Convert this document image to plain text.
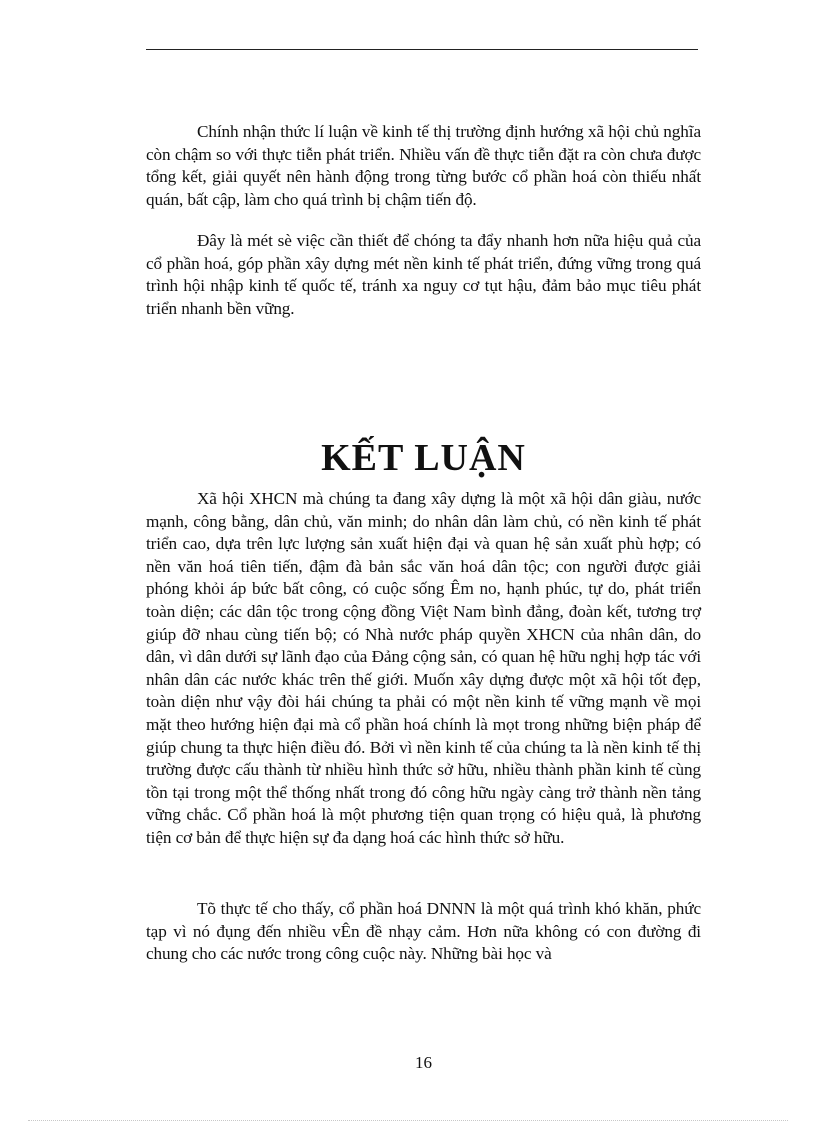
Chính nhận thức lí luận về kinh tế thị trường định hướng xã hội chủ nghĩa còn chậm so với thực tiễn phát triển. Nhiều vấn đề thực tiễn đặt ra còn chưa được tổng kết, giải quyết nên hành động trong từng bước cổ phần hoá còn thiếu nhất quán, bất cập, làm cho quá trình bị chậm tiến độ.

Đây là mét sè việc cần thiết để chóng ta đẩy nhanh hơn nữa hiệu quả của cổ phần hoá, góp phần xây dựng mét nền kinh tế phát triển, đứng vững trong quá trình hội nhập kinh tế quốc tế, tránh xa nguy cơ tụt hậu, đảm bảo mục tiêu phát triển nhanh bền vững.

KẾT LUẬN

Xã hội XHCN mà chúng ta đang xây dựng là một xã hội dân giàu, nước mạnh, công bằng, dân chủ, văn minh; do nhân dân làm chủ, có nền kinh tế phát triển cao, dựa trên lực lượng sản xuất hiện đại và quan hệ sản xuất phù hợp; có nền văn hoá tiên tiến, đậm đà bản sắc văn hoá dân tộc; con người được giải phóng khỏi áp bức bất công, có cuộc sống Êm no, hạnh phúc, tự do, phát triển toàn diện; các dân tộc trong cộng đồng Việt Nam bình đẳng, đoàn kết, tương trợ giúp đỡ nhau cùng tiến bộ; có Nhà nước pháp quyền XHCN của nhân dân, do dân, vì dân dưới sự lãnh đạo của Đảng cộng sản, có quan hệ hữu nghị hợp tác với nhân dân các nước khác trên thế giới. Muốn xây dựng được một xã hội tốt đẹp, toàn diện như vậy đòi hái chúng ta phải có một nền kinh tế vững mạnh về mọi mặt theo hướng hiện đại mà cổ phần hoá chính là mọt trong những biện pháp để giúp chung ta thực hiện điều đó. Bởi vì nền kinh tế của chúng ta là nền kinh tế thị trường được cấu thành từ nhiều hình thức sở hữu, nhiều thành phần kinh tế cùng tồn tại trong một thể thống nhất trong đó công hữu ngày càng trở thành nền tảng vững chắc. Cổ phần hoá là một phương tiện quan trọng có hiệu quả, là phương tiện cơ bản để thực hiện sự đa dạng hoá các hình thức sở hữu.

Tõ thực tế cho thấy, cổ phần hoá DNNN là một quá trình khó khăn, phức tạp vì nó đụng đến nhiều vÊn đề nhạy cảm. Hơn nữa không có con đường đi chung cho các nước trong công cuộc này. Những bài học và

16
